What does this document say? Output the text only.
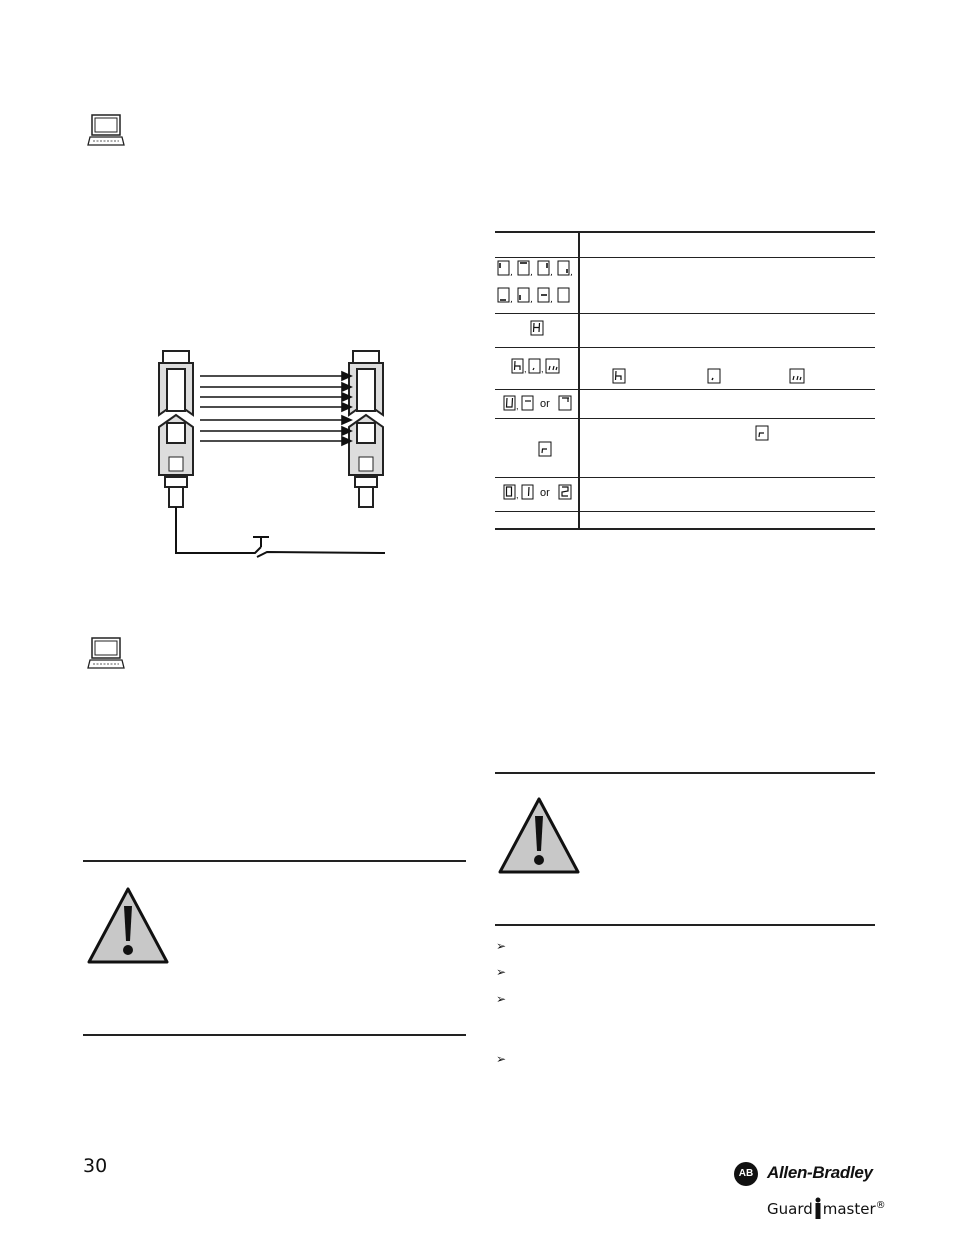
, , , ,
, , ,
, ,
, or
, or
➢
➢
➢
➢
30	AB Allen-Bradley
Guard master®
